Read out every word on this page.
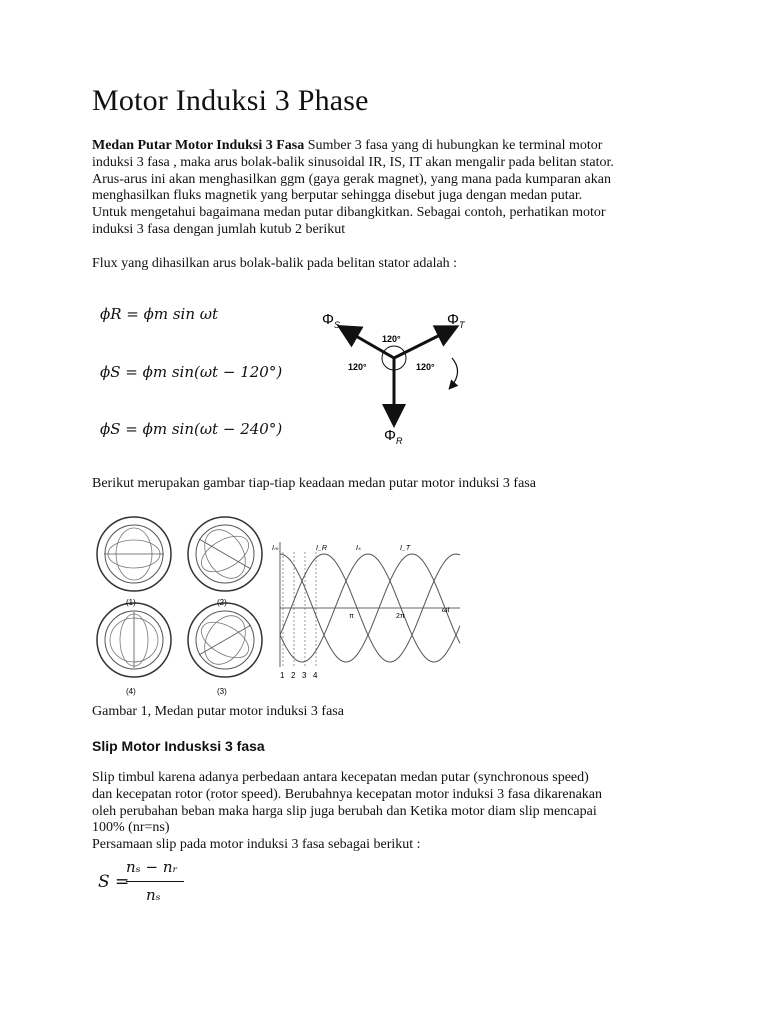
Motor Induksi 3 Phase

Medan Putar Motor Induksi 3 Fasa Sumber 3 fasa yang di hubungkan ke terminal motor
induksi 3 fasa , maka arus bolak-balik sinusoidal IR, IS, IT akan mengalir pada belitan stator.
Arus-arus ini akan menghasilkan ggm (gaya gerak magnet), yang mana pada kumparan akan
menghasilkan fluks magnetik yang berputar sehingga disebut juga dengan medan putar.
Untuk mengetahui bagaimana medan putar dibangkitkan. Sebagai contoh, perhatikan motor
induksi 3 fasa dengan jumlah kutub 2 berikut

Flux yang dihasilkan arus bolak-balik pada belitan stator adalah :

ϕR = ϕm sin ωt
ϕS = ϕm sin(ωt − 120°)
ϕS = ϕm sin(ωt − 240°)
$\Phi_S$	$\Phi_T$
$\Phi_R$
120°
120°	120°

Berikut merupakan gambar tiap-tiap keadaan medan putar motor induksi 3 fasa

(1)	(2)
(4)	(3)
Iₘ	I_R	Iₛ	I_T
π	2π
ωt
1 2 3 4

Gambar 1, Medan putar motor induksi 3 fasa

Slip Motor Indusksi 3 fasa

Slip timbul karena adanya perbedaan antara kecepatan medan putar (synchronous speed)
dan kecepatan rotor (rotor speed). Berubahnya kecepatan motor induksi 3 fasa dikarenakan
oleh perubahan beban maka harga slip juga berubah dan Ketika motor diam slip mencapai
100% (nr=ns)
Persamaan slip pada motor induksi 3 fasa sebagai berikut :

S =
nₛ − nᵣ
nₛ
